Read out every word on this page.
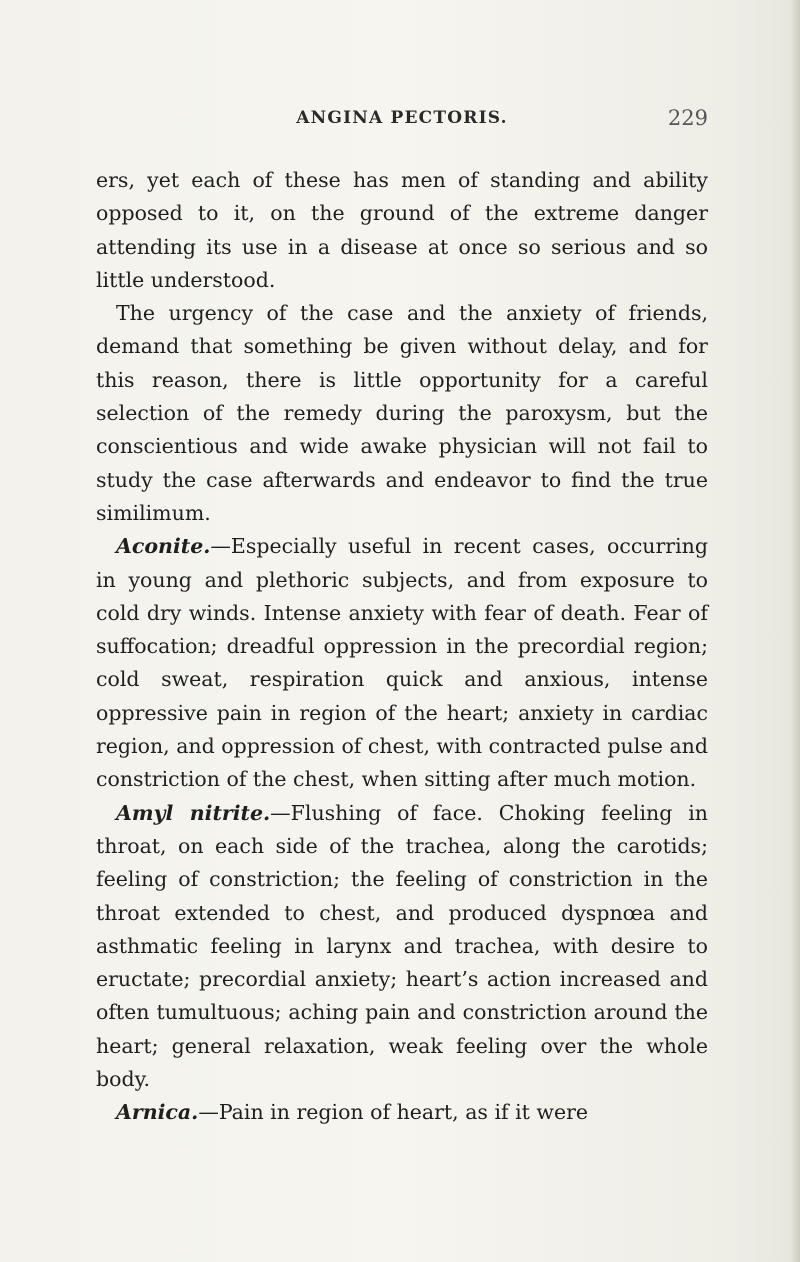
ANGINA PECTORIS.	229

ers, yet each of these has men of standing and ability opposed to it, on the ground of the extreme danger attending its use in a disease at once so serious and so little understood.

The urgency of the case and the anxiety of friends, demand that something be given without delay, and for this reason, there is little opportunity for a careful selection of the remedy during the paroxysm, but the conscientious and wide awake physician will not fail to study the case afterwards and endeavor to find the true similimum.

Aconite.—Especially useful in recent cases, occurring in young and plethoric subjects, and from exposure to cold dry winds. Intense anxiety with fear of death. Fear of suffocation; dreadful oppression in the precordial region; cold sweat, respiration quick and anxious, intense oppressive pain in region of the heart; anxiety in cardiac region, and oppression of chest, with contracted pulse and constriction of the chest, when sitting after much motion.

Amyl nitrite.—Flushing of face. Choking feeling in throat, on each side of the trachea, along the carotids; feeling of constriction; the feeling of constriction in the throat extended to chest, and produced dyspnœa and asthmatic feeling in larynx and trachea, with desire to eructate; precordial anxiety; heart’s action increased and often tumultuous; aching pain and constriction around the heart; general relaxation, weak feeling over the whole body.

Arnica.—Pain in region of heart, as if it were
